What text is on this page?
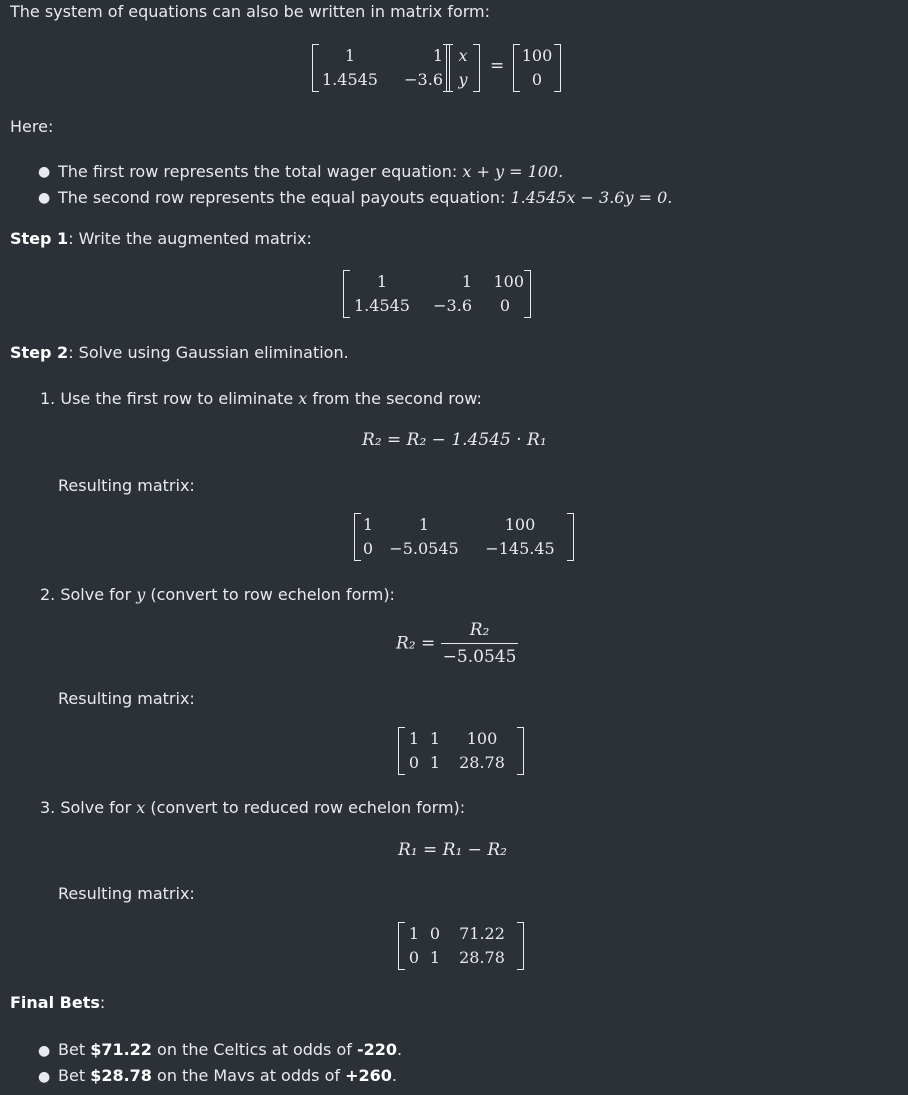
The system of equations can also be written in matrix form:
1	1
1.4545	−3.6
x
y
=
100
0
Here:
● The first row represents the total wager equation: x + y = 100.
● The second row represents the equal payouts equation: 1.4545x − 3.6y = 0.
Step 1: Write the augmented matrix:
1	1	100
1.4545	−3.6	0
Step 2: Solve using Gaussian elimination.
1. Use the first row to eliminate x from the second row:
R₂ = R₂ − 1.4545 · R₁
Resulting matrix:
1	1	100
0	−5.0545	−145.45
2. Solve for y (convert to row echelon form):
$R_2 = \frac{\text{R₂}}{-5.0545}$
Resulting matrix:
1 1	100
0 1	28.78
3. Solve for x (convert to reduced row echelon form):
R₁ = R₁ − R₂
Resulting matrix:
1 0	71.22
0 1	28.78
Final Bets:
● Bet $71.22 on the Celtics at odds of -220.
● Bet $28.78 on the Mavs at odds of +260.
